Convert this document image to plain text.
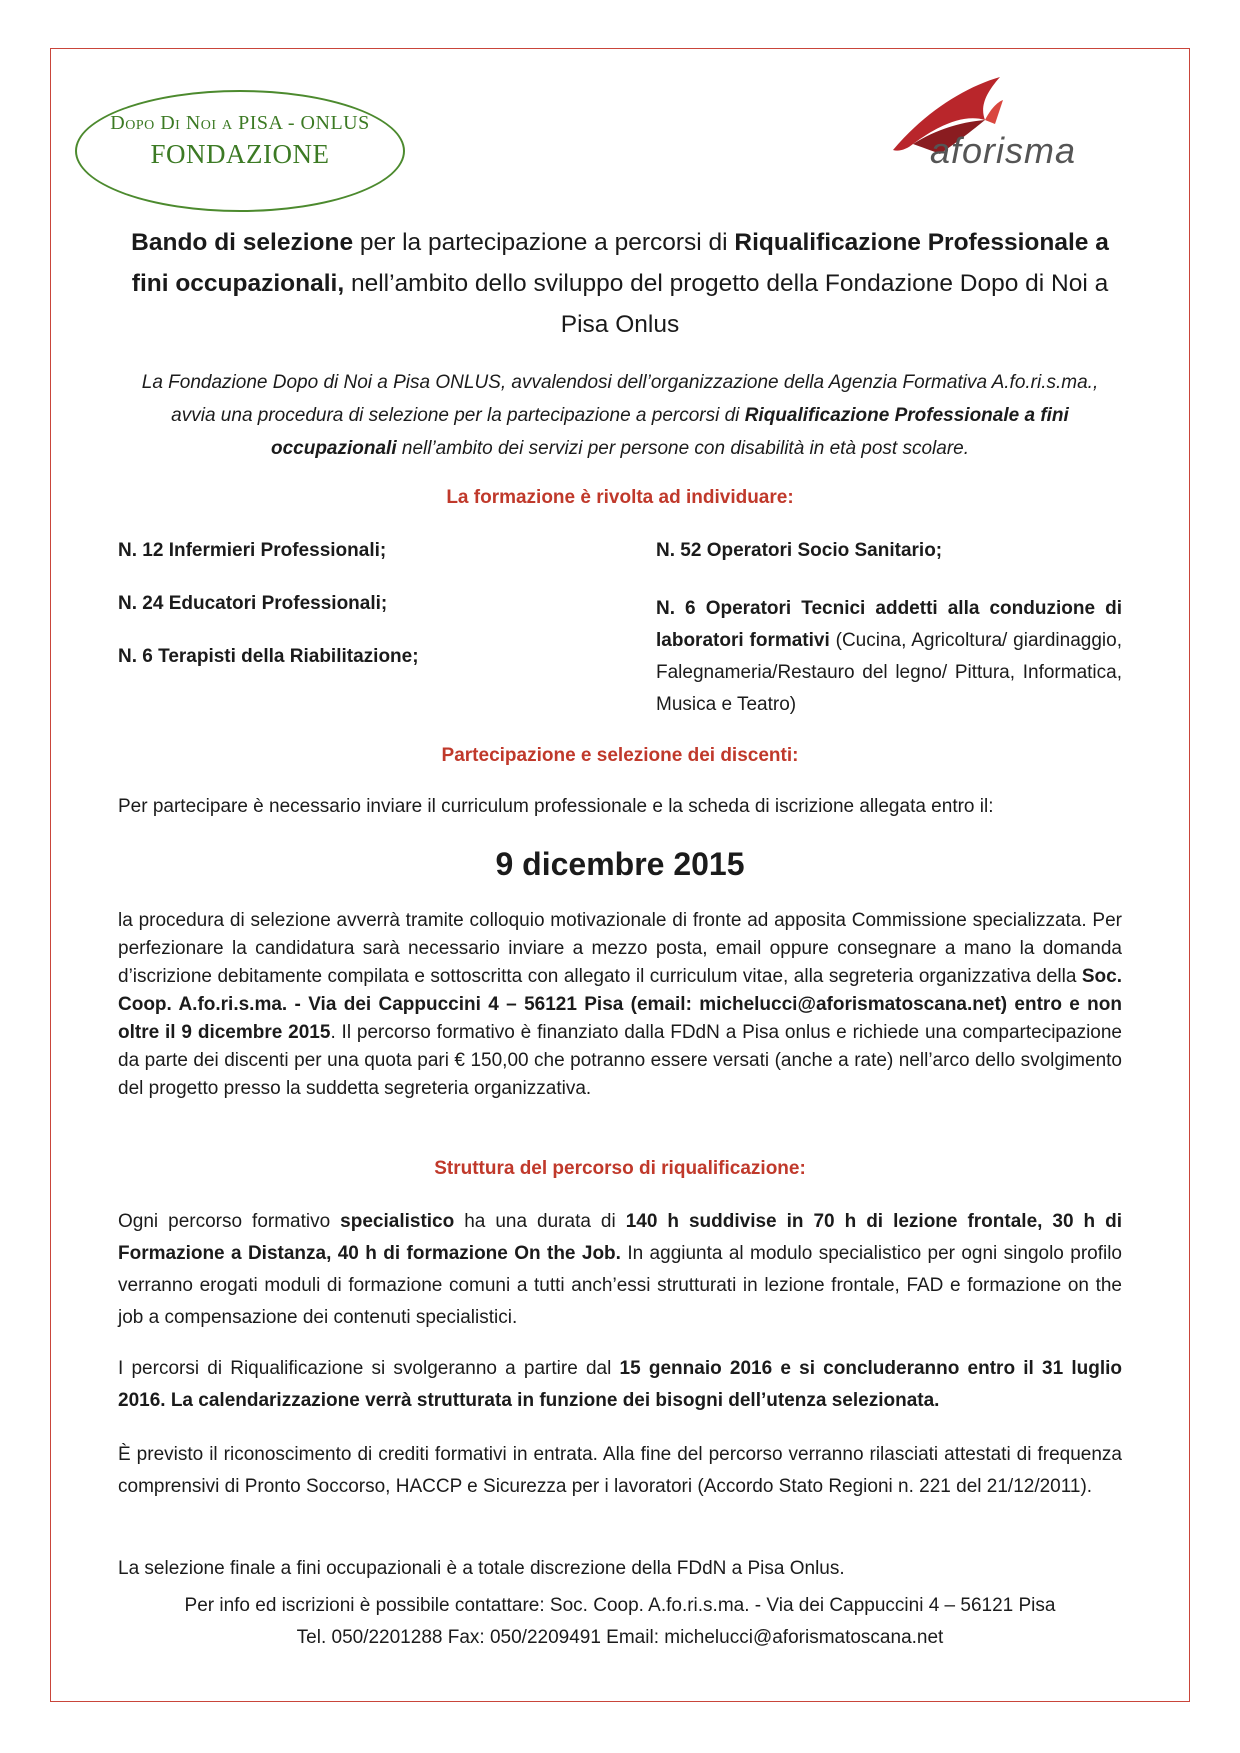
Dopo Di Noi a PISA - ONLUS
FONDAZIONE	aforisma
Bando di selezione per la partecipazione a percorsi di Riqualificazione Professionale a fini occupazionali, nell’ambito dello sviluppo del progetto della Fondazione Dopo di Noi a Pisa Onlus
La Fondazione Dopo di Noi a Pisa ONLUS, avvalendosi dell’organizzazione della Agenzia Formativa A.fo.ri.s.ma., avvia una procedura di selezione per la partecipazione a percorsi di Riqualificazione Professionale a fini occupazionali nell’ambito dei servizi per persone con disabilità in età post scolare.
La formazione è rivolta ad individuare:
N. 12 Infermieri Professionali;
N. 24 Educatori Professionali;
N. 6 Terapisti della Riabilitazione;
N. 52 Operatori Socio Sanitario;
N. 6 Operatori Tecnici addetti alla conduzione di laboratori formativi (Cucina, Agricoltura/ giardinaggio, Falegnameria/Restauro del legno/ Pittura, Informatica, Musica e Teatro)
Partecipazione e selezione dei discenti:
Per partecipare è necessario inviare il curriculum professionale e la scheda di iscrizione allegata entro il:
9 dicembre 2015
la procedura di selezione avverrà tramite colloquio motivazionale di fronte ad apposita Commissione specializzata. Per perfezionare la candidatura sarà necessario inviare a mezzo posta, email oppure consegnare a mano la domanda d’iscrizione debitamente compilata e sottoscritta con allegato il curriculum vitae, alla segreteria organizzativa della Soc. Coop. A.fo.ri.s.ma. - Via dei Cappuccini 4 – 56121 Pisa (email: michelucci@aforismatoscana.net) entro e non oltre il 9 dicembre 2015. Il percorso formativo è finanziato dalla FDdN a Pisa onlus e richiede una compartecipazione da parte dei discenti per una quota pari € 150,00 che potranno essere versati (anche a rate) nell’arco dello svolgimento del progetto presso la suddetta segreteria organizzativa.
Struttura del percorso di riqualificazione:
Ogni percorso formativo specialistico ha una durata di 140 h suddivise in 70 h di lezione frontale, 30 h di Formazione a Distanza, 40 h di formazione On the Job. In aggiunta al modulo specialistico per ogni singolo profilo verranno erogati moduli di formazione comuni a tutti anch’essi strutturati in lezione frontale, FAD e formazione on the job a compensazione dei contenuti specialistici.
I percorsi di Riqualificazione si svolgeranno a partire dal 15 gennaio 2016 e si concluderanno entro il 31 luglio 2016. La calendarizzazione verrà strutturata in funzione dei bisogni dell’utenza selezionata.
È previsto il riconoscimento di crediti formativi in entrata. Alla fine del percorso verranno rilasciati attestati di frequenza comprensivi di Pronto Soccorso, HACCP e Sicurezza per i lavoratori (Accordo Stato Regioni n. 221 del 21/12/2011).
La selezione finale a fini occupazionali è a totale discrezione della FDdN a Pisa Onlus.
Per info ed iscrizioni è possibile contattare: Soc. Coop. A.fo.ri.s.ma. - Via dei Cappuccini 4 – 56121 Pisa
Tel. 050/2201288 Fax: 050/2209491 Email: michelucci@aforismatoscana.net
